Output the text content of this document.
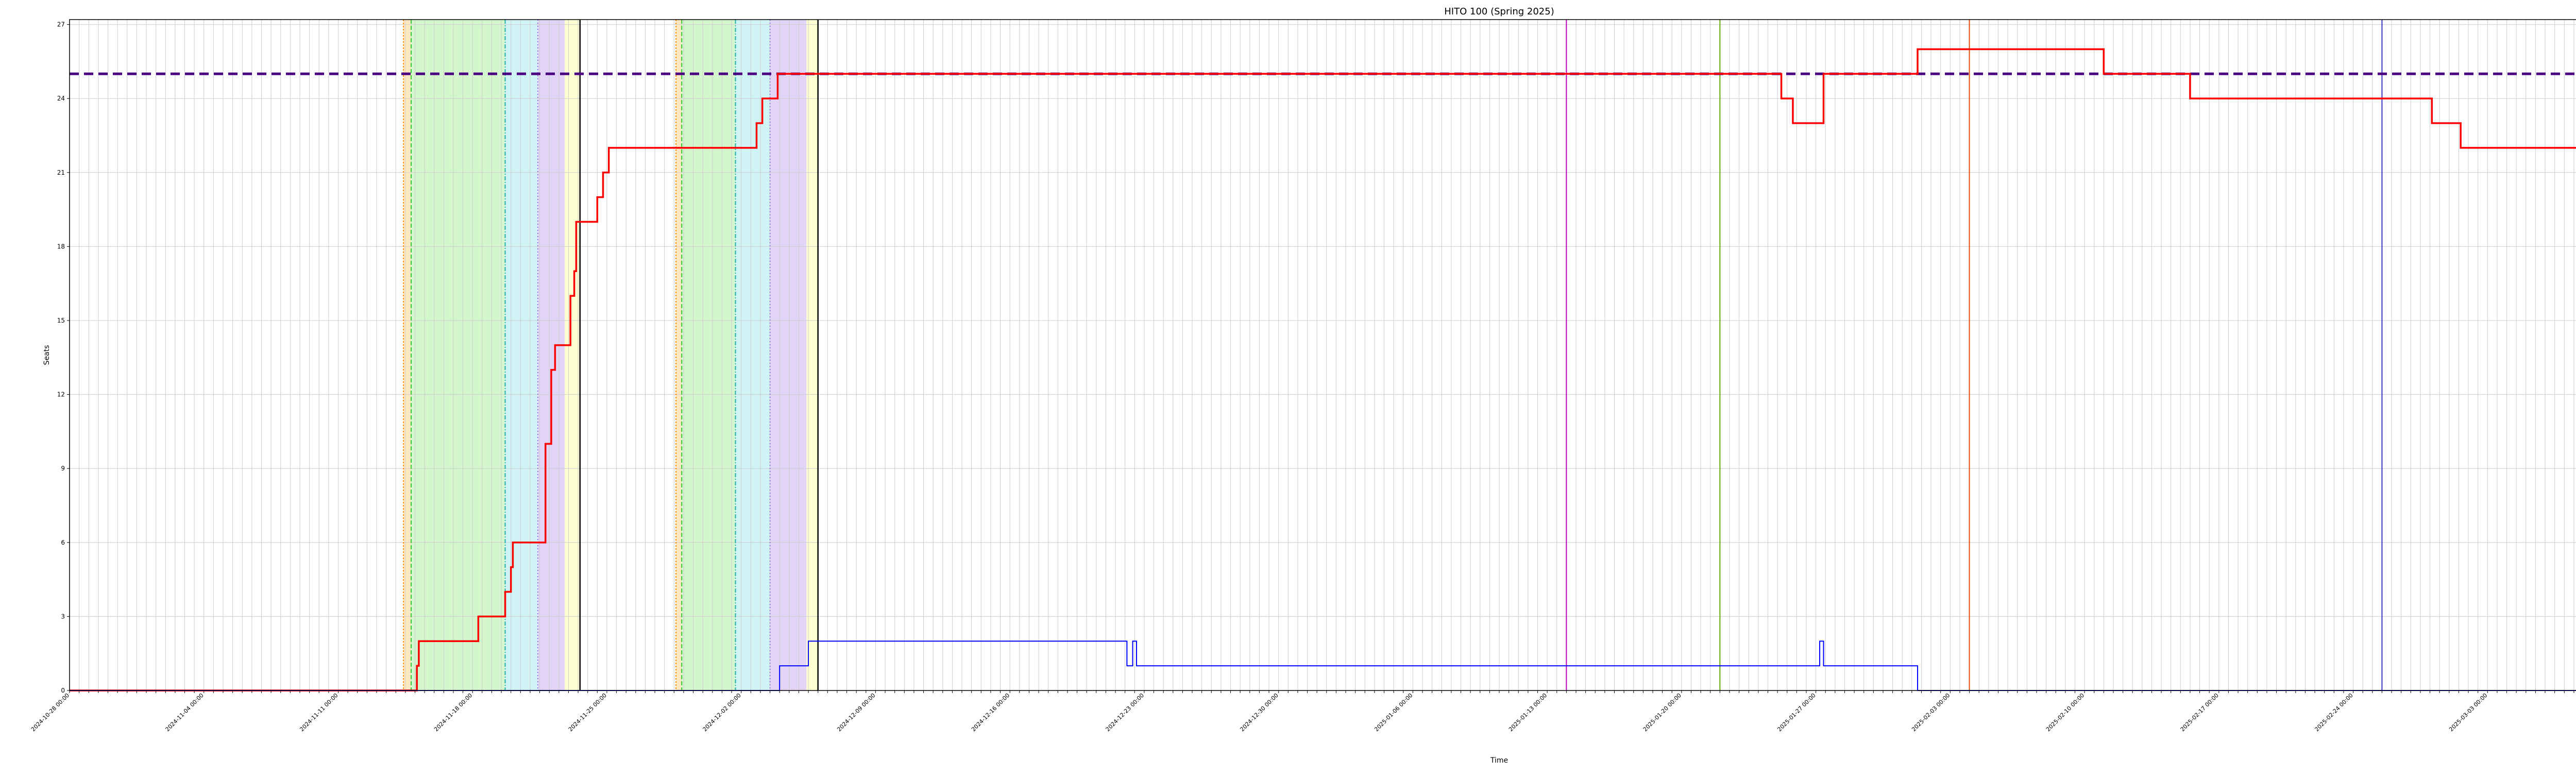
0
3
6
9
12
15
18
21
24
27
2024-10-28 00:00	2024-11-04 00:00	2024-11-11 00:00	2024-11-18 00:00	2024-11-25 00:00	2024-12-02 00:00	2024-12-09 00:00	2024-12-16 00:00	2024-12-23 00:00	2024-12-30 00:00	2025-01-06 00:00	2025-01-13 00:00	2025-01-20 00:00	2025-01-27 00:00	2025-02-03 00:00	2025-02-10 00:00	2025-02-17 00:00	2025-02-24 00:00	2025-03-03 00:00
HITO 100 (Spring 2025)
Time
Seats
